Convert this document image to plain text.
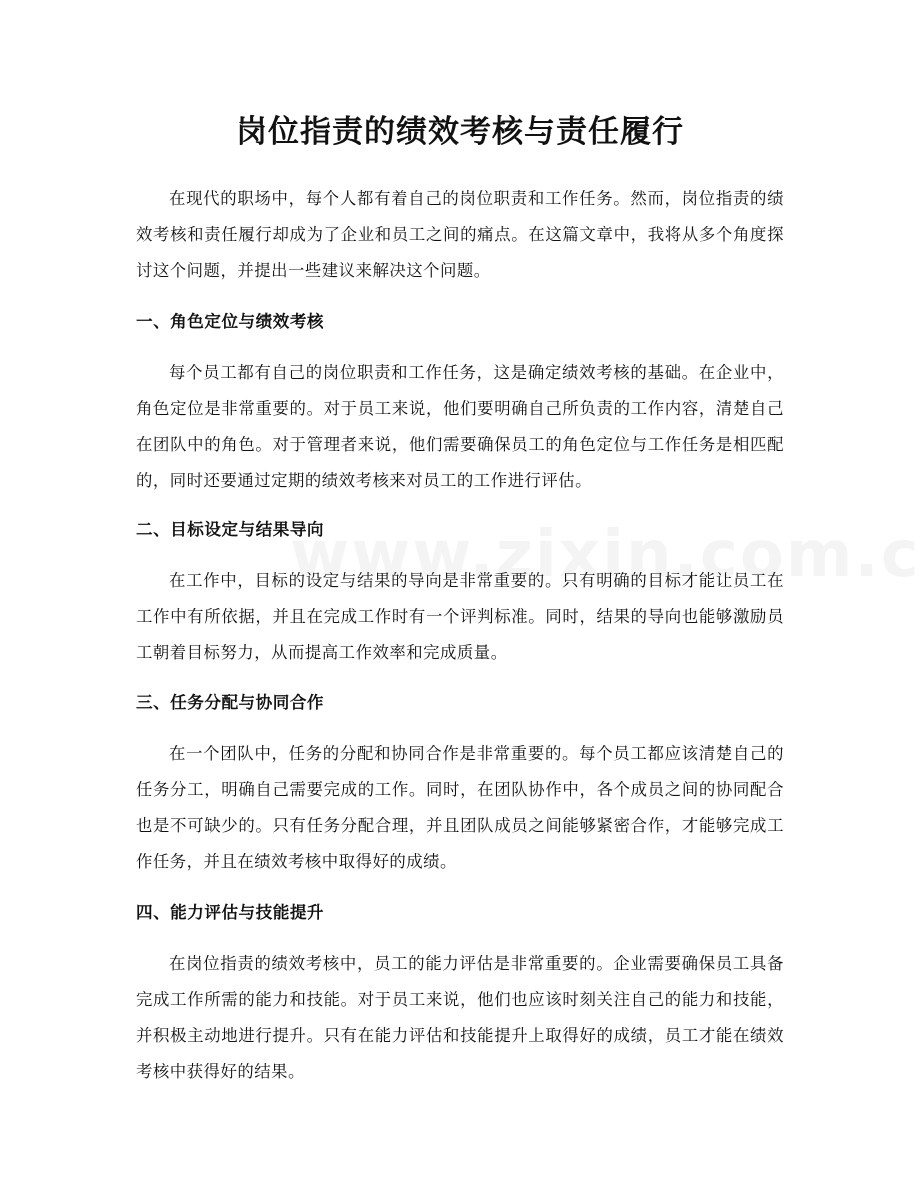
岗位指责的绩效考核与责任履行

在现代的职场中，每个人都有着自己的岗位职责和工作任务。然而，岗位指责的绩效考核和责任履行却成为了企业和员工之间的痛点。在这篇文章中，我将从多个角度探讨这个问题，并提出一些建议来解决这个问题。

一、角色定位与绩效考核

每个员工都有自己的岗位职责和工作任务，这是确定绩效考核的基础。在企业中，角色定位是非常重要的。对于员工来说，他们要明确自己所负责的工作内容，清楚自己在团队中的角色。对于管理者来说，他们需要确保员工的角色定位与工作任务是相匹配的，同时还要通过定期的绩效考核来对员工的工作进行评估。

二、目标设定与结果导向

在工作中，目标的设定与结果的导向是非常重要的。只有明确的目标才能让员工在工作中有所依据，并且在完成工作时有一个评判标准。同时，结果的导向也能够激励员工朝着目标努力，从而提高工作效率和完成质量。

三、任务分配与协同合作

在一个团队中，任务的分配和协同合作是非常重要的。每个员工都应该清楚自己的任务分工，明确自己需要完成的工作。同时，在团队协作中，各个成员之间的协同配合也是不可缺少的。只有任务分配合理，并且团队成员之间能够紧密合作，才能够完成工作任务，并且在绩效考核中取得好的成绩。

四、能力评估与技能提升

在岗位指责的绩效考核中，员工的能力评估是非常重要的。企业需要确保员工具备完成工作所需的能力和技能。对于员工来说，他们也应该时刻关注自己的能力和技能，并积极主动地进行提升。只有在能力评估和技能提升上取得好的成绩，员工才能在绩效考核中获得好的结果。
